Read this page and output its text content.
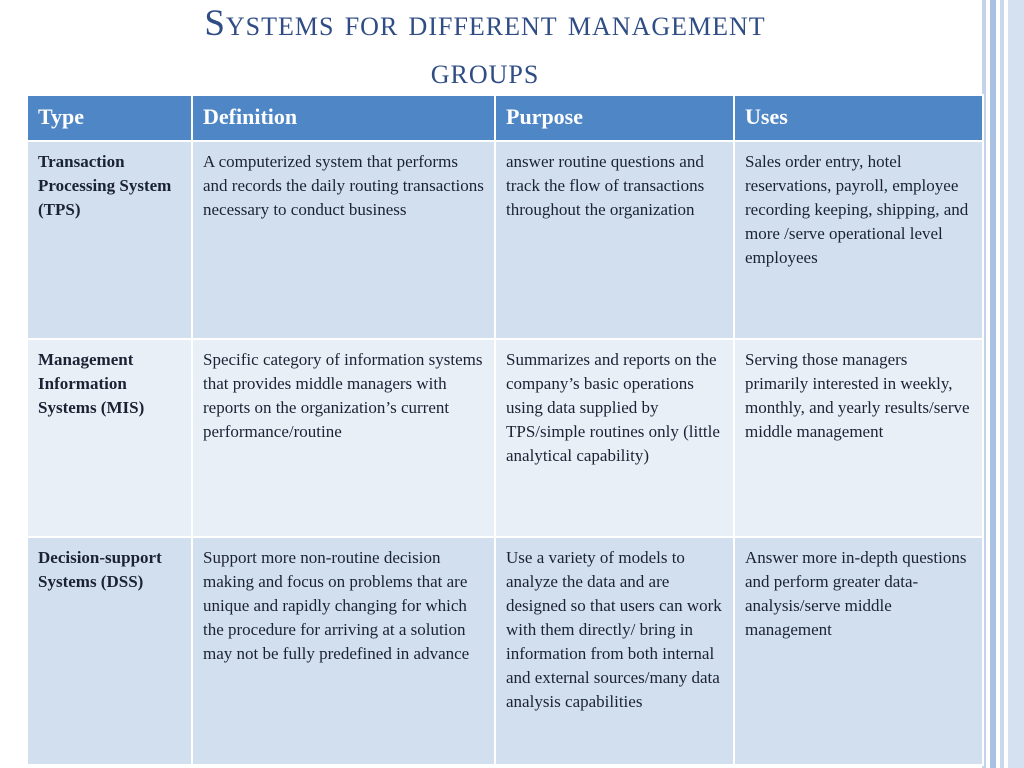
Systems for different management
groups
Type	Definition	Purpose	Uses
Transaction Processing System (TPS)	A computerized system that performs and records the daily routing transactions necessary to conduct business	answer routine questions and track the flow of transactions throughout the organization	Sales order entry, hotel reservations, payroll, employee recording keeping, shipping, and more /serve operational level employees
Management Information Systems (MIS)	Specific category of information systems that provides middle managers with reports on the organization’s current performance/routine	Summarizes and reports on the company’s basic operations using data supplied by TPS/simple routines only (little analytical capability)	Serving those managers primarily interested in weekly, monthly, and yearly results/serve middle management
Decision-support Systems (DSS)	Support more non-routine decision making and focus on problems that are unique and rapidly changing for which the procedure for arriving at a solution may not be fully predefined in advance	Use a variety of models to analyze the data and are designed so that users can work with them directly/ bring in information from both internal and external sources/many data analysis capabilities	Answer more in-depth questions and perform greater data-analysis/serve middle management
